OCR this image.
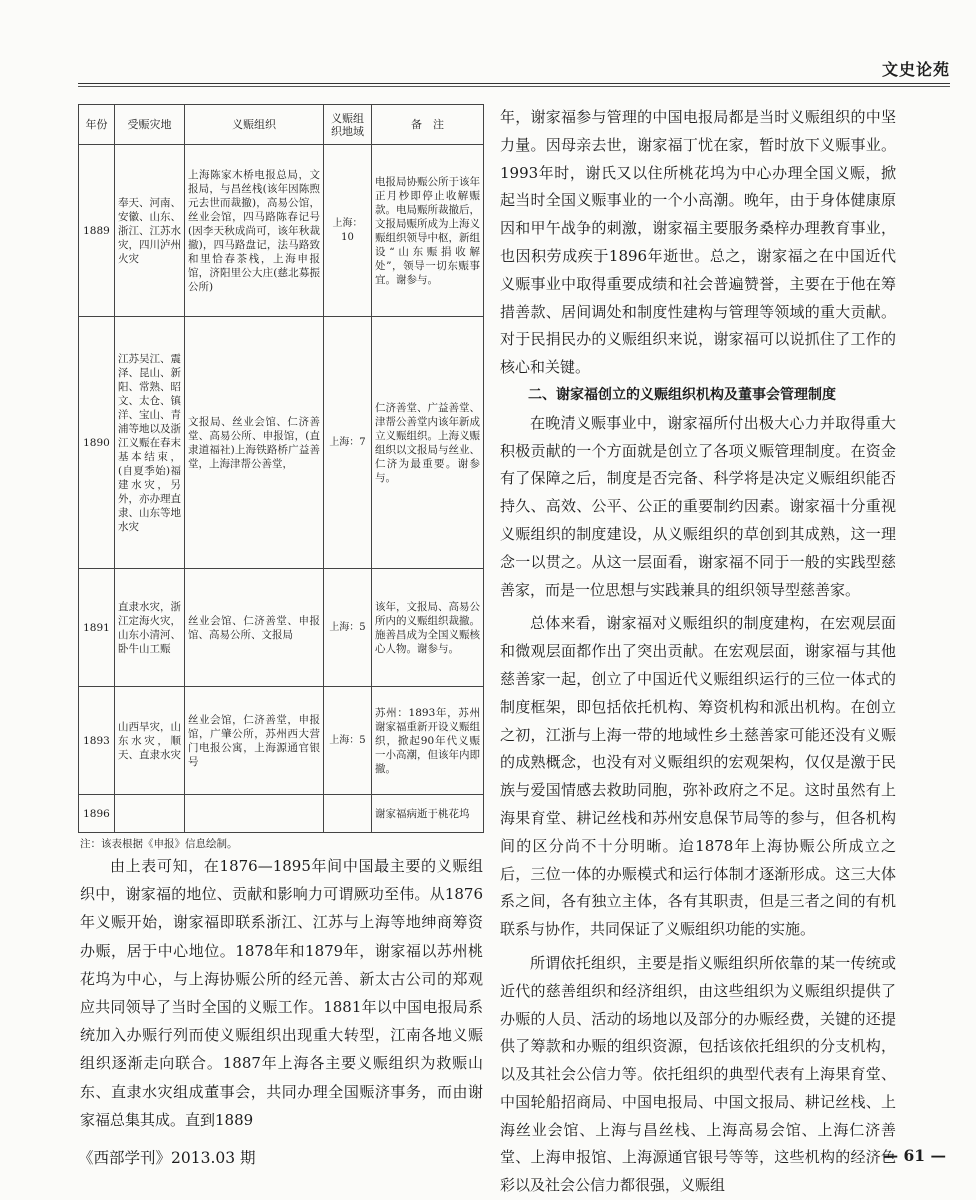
文史论苑
年份	受赈灾地	义赈组织	义赈组织地域	备　注
1889	奉天、河南、安徽、山东、浙江、江苏水灾，四川泸州火灾	上海陈家木桥电报总局，文报局，与昌丝栈(该年因陈煦元去世而裁撤)，高易公馆，丝业会馆，四马路陈春记号(因李天秋成尚可，该年秋裁撤)，四马路盘记，法马路致和里恰春茶栈，上海申报馆，济阳里公大庄(慈北募振公所)	上海：10	电报局协赈公所于该年正月杪即停止收解赈款。电局赈所裁撤后，文报局赈所成为上海义赈组织领导中枢，新组设“山东赈捐收解处”，领导一切东赈事宜。谢参与。
1890	江苏吴江、震泽、昆山、新阳、常熟、昭文、太仓、镇洋、宝山、青浦等地以及浙江义赈在春末基本结束，(自夏季始)福建水灾，另外，亦办理直隶、山东等地水灾	文报局、丝业会馆、仁济善堂、高易公所、申报馆，(直隶道福社)上海铁路桥广益善堂，上海津帮公善堂，	上海：7	仁济善堂、广益善堂、津帮公善堂内该年新成立义赈组织。上海义赈组织以文报局与丝业、仁济为最重要。谢参与。
1891	直隶水灾，浙江定海火灾，山东小清河、卧牛山工赈	丝业会馆、仁济善堂、申报馆、高易公所、文报局	上海：5	该年，文报局、高易公所内的义赈组织裁撤。施善昌成为全国义赈核心人物。谢参与。
1893	山西旱灾，山东水灾，顺天、直隶水灾	丝业会馆，仁济善堂，申报馆，广肇公所，苏州西大营门电报公寓，上海源通官银号	上海：5	苏州：1893年，苏州谢家福重新开设义赈组织，掀起90年代义赈一小高潮，但该年内即撤。
1896				谢家福病逝于桃花坞
注：该表根据《申报》信息绘制。

由上表可知，在1876—1895年间中国最主要的义赈组织中，谢家福的地位、贡献和影响力可谓厥功至伟。从1876年义赈开始，谢家福即联系浙江、江苏与上海等地绅商筹资办赈，居于中心地位。1878年和1879年，谢家福以苏州桃花坞为中心，与上海协赈公所的经元善、新太古公司的郑观应共同领导了当时全国的义赈工作。1881年以中国电报局系统加入办赈行列而使义赈组织出现重大转型，江南各地义赈组织逐渐走向联合。1887年上海各主要义赈组织为救赈山东、直隶水灾组成董事会，共同办理全国赈济事务，而由谢家福总集其成。直到1889

年，谢家福参与管理的中国电报局都是当时义赈组织的中坚力量。因母亲去世，谢家福丁忧在家，暂时放下义赈事业。1993年时，谢氏又以住所桃花坞为中心办理全国义赈，掀起当时全国义赈事业的一个小高潮。晚年，由于身体健康原因和甲午战争的刺激，谢家福主要服务桑梓办理教育事业，也因积劳成疾于1896年逝世。总之，谢家福之在中国近代义赈事业中取得重要成绩和社会普遍赞誉，主要在于他在筹措善款、居间调处和制度性建构与管理等领域的重大贡献。对于民捐民办的义赈组织来说，谢家福可以说抓住了工作的核心和关键。

二、谢家福创立的义赈组织机构及董事会管理制度

在晚清义赈事业中，谢家福所付出极大心力并取得重大积极贡献的一个方面就是创立了各项义赈管理制度。在资金有了保障之后，制度是否完备、科学将是决定义赈组织能否持久、高效、公平、公正的重要制约因素。谢家福十分重视义赈组织的制度建设，从义赈组织的草创到其成熟，这一理念一以贯之。从这一层面看，谢家福不同于一般的实践型慈善家，而是一位思想与实践兼具的组织领导型慈善家。

总体来看，谢家福对义赈组织的制度建构，在宏观层面和微观层面都作出了突出贡献。在宏观层面，谢家福与其他慈善家一起，创立了中国近代义赈组织运行的三位一体式的制度框架，即包括依托机构、筹资机构和派出机构。在创立之初，江浙与上海一带的地域性乡土慈善家可能还没有义赈的成熟概念，也没有对义赈组织的宏观架构，仅仅是激于民族与爱国情感去救助同胞，弥补政府之不足。这时虽然有上海果育堂、耕记丝栈和苏州安息保节局等的参与，但各机构间的区分尚不十分明晰。迨1878年上海协赈公所成立之后，三位一体的办赈模式和运行体制才逐渐形成。这三大体系之间，各有独立主体，各有其职责，但是三者之间的有机联系与协作，共同保证了义赈组织功能的实施。

所谓依托组织，主要是指义赈组织所依靠的某一传统或近代的慈善组织和经济组织，由这些组织为义赈组织提供了办赈的人员、活动的场地以及部分的办赈经费，关键的还提供了筹款和办赈的组织资源，包括该依托组织的分支机构，以及其社会公信力等。依托组织的典型代表有上海果育堂、中国轮船招商局、中国电报局、中国文报局、耕记丝栈、上海丝业会馆、上海与昌丝栈、上海高易会馆、上海仁济善堂、上海申报馆、上海源通官银号等等，这些机构的经济色彩以及社会公信力都很强，义赈组

《西部学刊》2013.03 期	— 61 —
